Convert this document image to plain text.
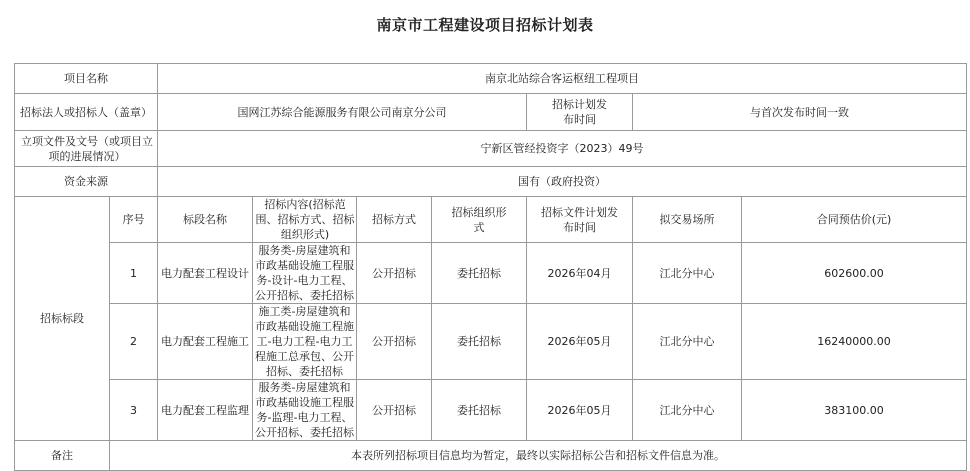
南京市工程建设项目招标计划表
项目名称		南京北站综合客运枢纽工程项目						
招标法人或招标人（盖章）		国网江苏综合能源服务有限公司南京分公司				招标计划发布时间	与首次发布时间一致	
立项文件及文号（或项目立项的进展情况）		宁新区管经投资字（2023）49号						
资金来源		国有（政府投资）						
招标标段	序号	标段名称	招标内容(招标范围、招标方式、招标组织形式)	招标方式	招标组织形式	招标文件计划发布时间	拟交易场所	合同预估价(元)
	1	电力配套工程设计	服务类-房屋建筑和市政基础设施工程服务-设计-电力工程、公开招标、委托招标	公开招标	委托招标	2026年04月	江北分中心	602600.00
	2	电力配套工程施工	施工类-房屋建筑和市政基础设施工程施工-电力工程-电力工程施工总承包、公开招标、委托招标	公开招标	委托招标	2026年05月	江北分中心	16240000.00
	3	电力配套工程监理	服务类-房屋建筑和市政基础设施工程服务-监理-电力工程、公开招标、委托招标	公开招标	委托招标	2026年05月	江北分中心	383100.00
备注	本表所列招标项目信息均为暂定，最终以实际招标公告和招标文件信息为准。							
